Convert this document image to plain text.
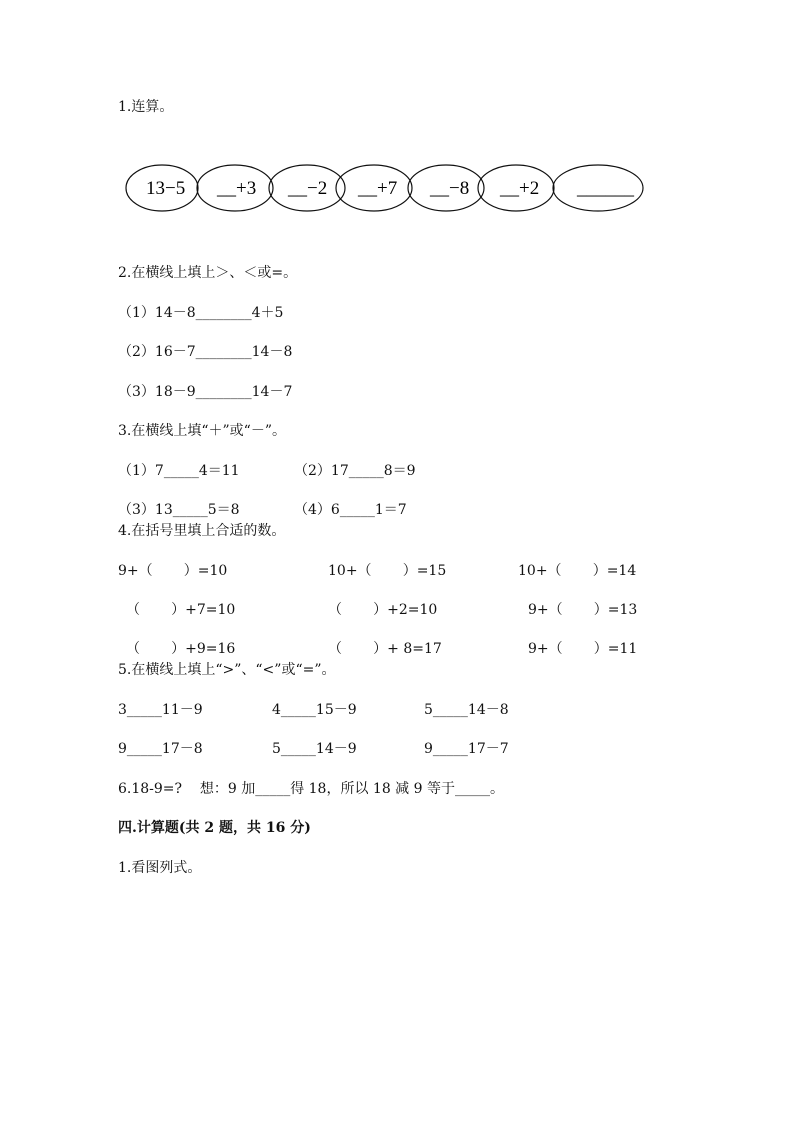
1.连算。
13−5 __+3 __−2 __+7 __−8 __+2 ______
2.在横线上填上＞、＜或=。
（1）14－8________4＋5
（2）16－7________14－8
（3）18－9________14－7
3.在横线上填“＋”或“－”。
（1）7_____4＝11	（2）17_____8＝9
（3）13_____5＝8	（4）6_____1＝7
4.在括号里填上合适的数。
9+（       ）=10	10+（       ）=15	10+（       ）=14
（       ）+7=10	（       ）+2=10	9+（       ）=13
（       ）+9=16	（       ）+ 8=17	9+（       ）=11
5.在横线上填上“>”、“<”或“=”。
3_____11－9	4_____15－9	5_____14－8
9_____17－8	5_____14－9	9_____17－7
6.18-9=?    想：9 加_____得 18，所以 18 减 9 等于_____。
四.计算题(共 2 题，共 16 分)
1.看图列式。
